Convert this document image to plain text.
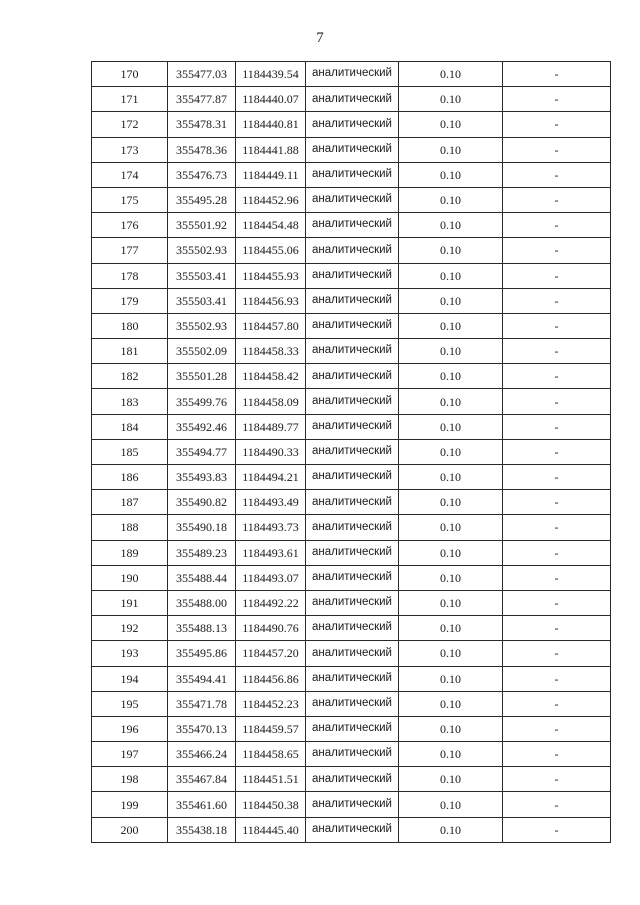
7
170	355477.03	1184439.54	аналитический	0.10	-
171	355477.87	1184440.07	аналитический	0.10	-
172	355478.31	1184440.81	аналитический	0.10	-
173	355478.36	1184441.88	аналитический	0.10	-
174	355476.73	1184449.11	аналитический	0.10	-
175	355495.28	1184452.96	аналитический	0.10	-
176	355501.92	1184454.48	аналитический	0.10	-
177	355502.93	1184455.06	аналитический	0.10	-
178	355503.41	1184455.93	аналитический	0.10	-
179	355503.41	1184456.93	аналитический	0.10	-
180	355502.93	1184457.80	аналитический	0.10	-
181	355502.09	1184458.33	аналитический	0.10	-
182	355501.28	1184458.42	аналитический	0.10	-
183	355499.76	1184458.09	аналитический	0.10	-
184	355492.46	1184489.77	аналитический	0.10	-
185	355494.77	1184490.33	аналитический	0.10	-
186	355493.83	1184494.21	аналитический	0.10	-
187	355490.82	1184493.49	аналитический	0.10	-
188	355490.18	1184493.73	аналитический	0.10	-
189	355489.23	1184493.61	аналитический	0.10	-
190	355488.44	1184493.07	аналитический	0.10	-
191	355488.00	1184492.22	аналитический	0.10	-
192	355488.13	1184490.76	аналитический	0.10	-
193	355495.86	1184457.20	аналитический	0.10	-
194	355494.41	1184456.86	аналитический	0.10	-
195	355471.78	1184452.23	аналитический	0.10	-
196	355470.13	1184459.57	аналитический	0.10	-
197	355466.24	1184458.65	аналитический	0.10	-
198	355467.84	1184451.51	аналитический	0.10	-
199	355461.60	1184450.38	аналитический	0.10	-
200	355438.18	1184445.40	аналитический	0.10	-
